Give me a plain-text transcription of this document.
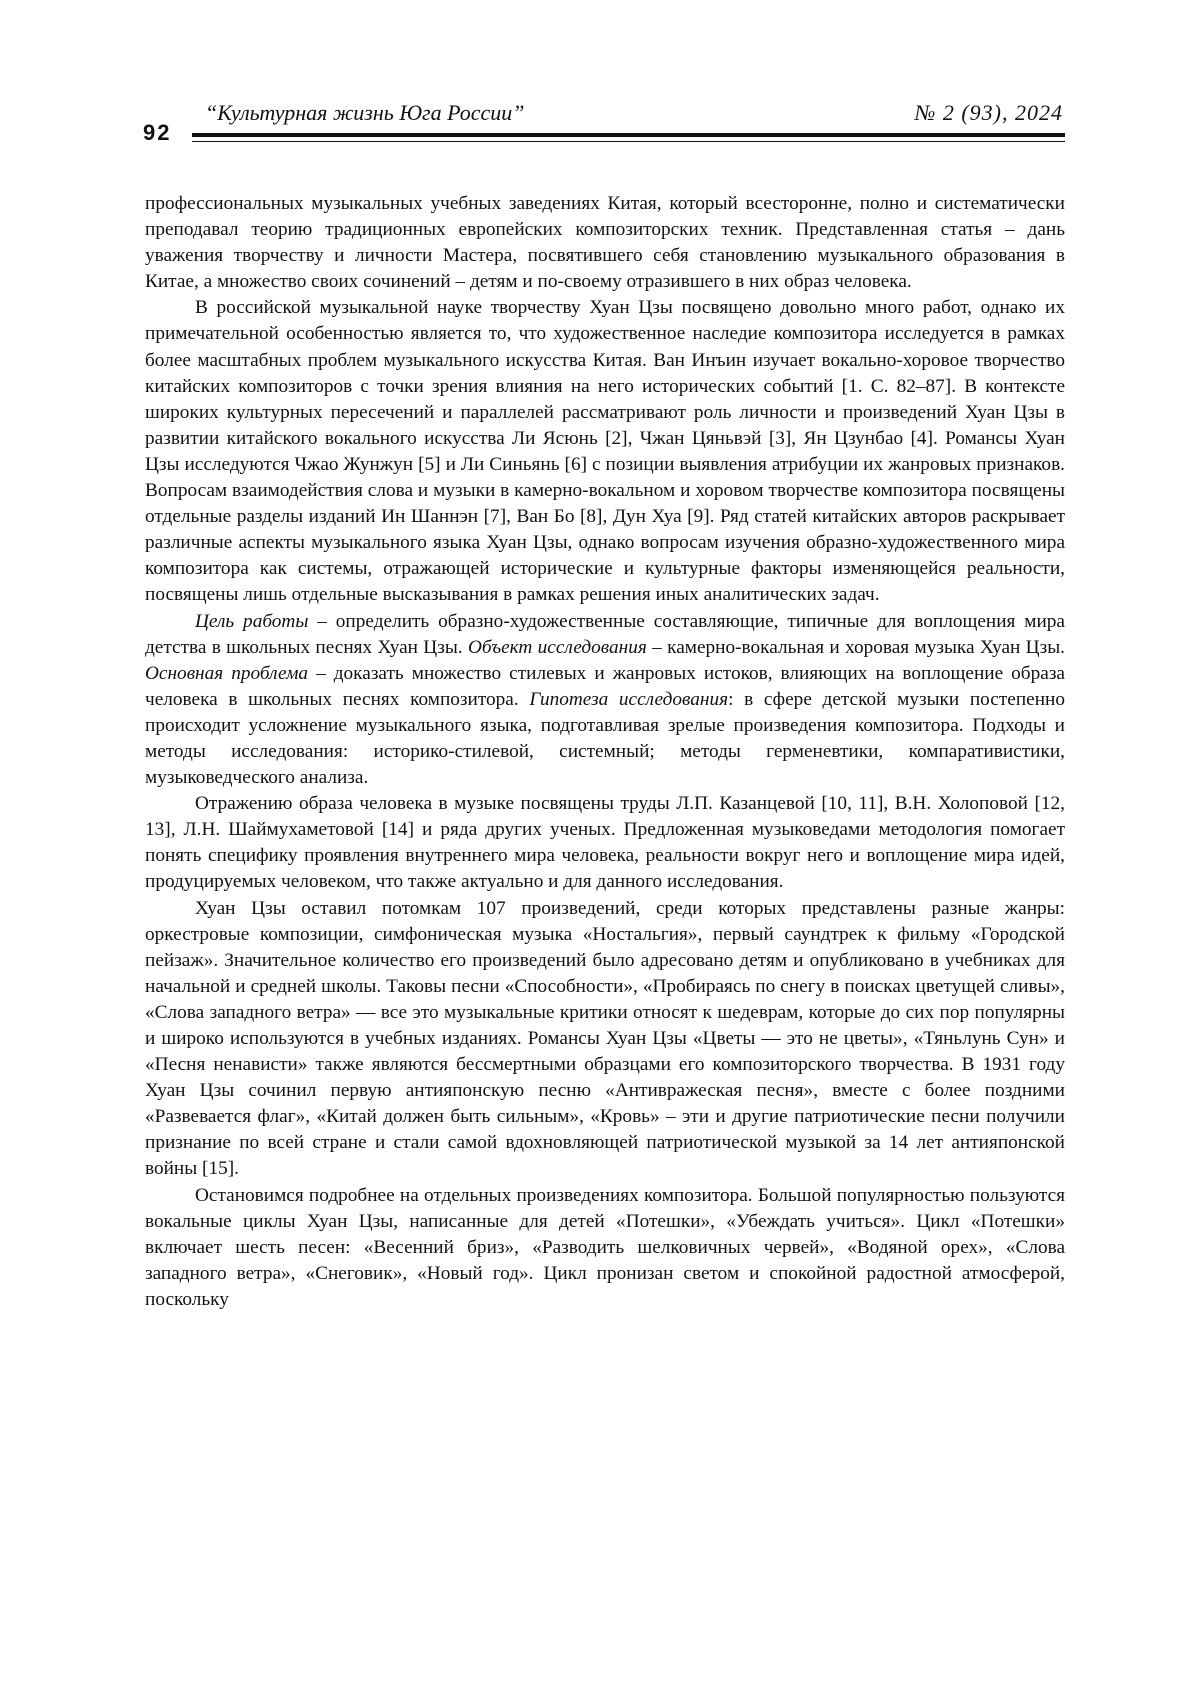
92
“Культурная жизнь Юга России”	№ 2 (93), 2024

профессиональных музыкальных учебных заведениях Китая, который всесторонне, полно и систематически преподавал теорию традиционных европейских композиторских техник. Представленная статья – дань уважения творчеству и личности Мастера, посвятившего себя становлению музыкального образования в Китае, а множество своих сочинений – детям и по-своему отразившего в них образ человека.

В российской музыкальной науке творчеству Хуан Цзы посвящено довольно много работ, однако их примечательной особенностью является то, что художественное наследие композитора исследуется в рамках более масштабных проблем музыкального искусства Китая. Ван Инъин изучает вокально-хоровое творчество китайских композиторов с точки зрения влияния на него исторических событий [1. С. 82–87]. В контексте широких культурных пересечений и параллелей рассматривают роль личности и произведений Хуан Цзы в развитии китайского вокального искусства Ли Ясюнь [2], Чжан Цяньвэй [3], Ян Цзунбао [4]. Романсы Хуан Цзы исследуются Чжао Жунжун [5] и Ли Синьянь [6] с позиции выявления атрибуции их жанровых признаков. Вопросам взаимодействия слова и музыки в камерно-вокальном и хоровом творчестве композитора посвящены отдельные разделы изданий Ин Шаннэн [7], Ван Бо [8], Дун Хуа [9]. Ряд статей китайских авторов раскрывает различные аспекты музыкального языка Хуан Цзы, однако вопросам изучения образно-художественного мира композитора как системы, отражающей исторические и культурные факторы изменяющейся реальности, посвящены лишь отдельные высказывания в рамках решения иных аналитических задач.

Цель работы – определить образно-художественные составляющие, типичные для воплощения мира детства в школьных песнях Хуан Цзы. Объект исследования – камерно-вокальная и хоровая музыка Хуан Цзы. Основная проблема – доказать множество стилевых и жанровых истоков, влияющих на воплощение образа человека в школьных песнях композитора. Гипотеза исследования: в сфере детской музыки постепенно происходит усложнение музыкального языка, подготавливая зрелые произведения композитора. Подходы и методы исследования: историко-стилевой, системный; методы герменевтики, компаративистики, музыковедческого анализа.

Отражению образа человека в музыке посвящены труды Л.П. Казанцевой [10, 11], В.Н. Холоповой [12, 13], Л.Н. Шаймухаметовой [14] и ряда других ученых. Предложенная музыковедами методология помогает понять специфику проявления внутреннего мира человека, реальности вокруг него и воплощение мира идей, продуцируемых человеком, что также актуально и для данного исследования.

Хуан Цзы оставил потомкам 107 произведений, среди которых представлены разные жанры: оркестровые композиции, симфоническая музыка «Ностальгия», первый саундтрек к фильму «Городской пейзаж». Значительное количество его произведений было адресовано детям и опубликовано в учебниках для начальной и средней школы. Таковы песни «Способности», «Пробираясь по снегу в поисках цветущей сливы», «Слова западного ветра» — все это музыкальные критики относят к шедеврам, которые до сих пор популярны и широко используются в учебных изданиях. Романсы Хуан Цзы «Цветы — это не цветы», «Тяньлунь Сун» и «Песня ненависти» также являются бессмертными образцами его композиторского творчества. В 1931 году Хуан Цзы сочинил первую антияпонскую песню «Антивражеская песня», вместе с более поздними «Развевается флаг», «Китай должен быть сильным», «Кровь» – эти и другие патриотические песни получили признание по всей стране и стали самой вдохновляющей патриотической музыкой за 14 лет антияпонской войны [15].

Остановимся подробнее на отдельных произведениях композитора. Большой популярностью пользуются вокальные циклы Хуан Цзы, написанные для детей «Потешки», «Убеждать учиться». Цикл «Потешки» включает шесть песен: «Весенний бриз», «Разводить шелковичных червей», «Водяной орех», «Слова западного ветра», «Снеговик», «Новый год». Цикл пронизан светом и спокойной радостной атмосферой, поскольку
